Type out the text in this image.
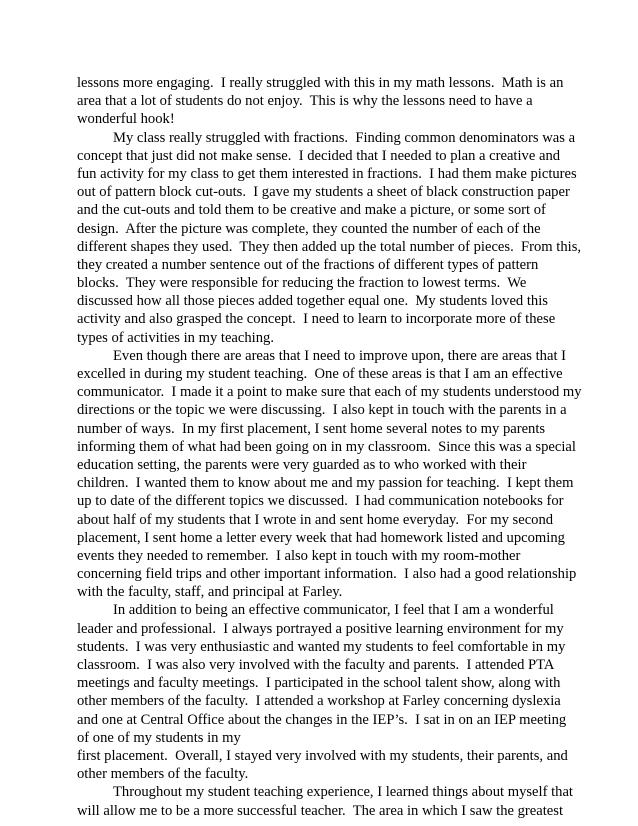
lessons more engaging.  I really struggled with this in my math lessons.  Math is an
area that a lot of students do not enjoy.  This is why the lessons need to have a
wonderful hook!
My class really struggled with fractions.  Finding common denominators was a
concept that just did not make sense.  I decided that I needed to plan a creative and
fun activity for my class to get them interested in fractions.  I had them make pictures
out of pattern block cut-outs.  I gave my students a sheet of black construction paper
and the cut-outs and told them to be creative and make a picture, or some sort of
design.  After the picture was complete, they counted the number of each of the
different shapes they used.  They then added up the total number of pieces.  From this,
they created a number sentence out of the fractions of different types of pattern
blocks.  They were responsible for reducing the fraction to lowest terms.  We
discussed how all those pieces added together equal one.  My students loved this
activity and also grasped the concept.  I need to learn to incorporate more of these
types of activities in my teaching.
Even though there are areas that I need to improve upon, there are areas that I
excelled in during my student teaching.  One of these areas is that I am an effective
communicator.  I made it a point to make sure that each of my students understood my
directions or the topic we were discussing.  I also kept in touch with the parents in a
number of ways.  In my first placement, I sent home several notes to my parents
informing them of what had been going on in my classroom.  Since this was a special
education setting, the parents were very guarded as to who worked with their
children.  I wanted them to know about me and my passion for teaching.  I kept them
up to date of the different topics we discussed.  I had communication notebooks for
about half of my students that I wrote in and sent home everyday.  For my second
placement, I sent home a letter every week that had homework listed and upcoming
events they needed to remember.  I also kept in touch with my room-mother
concerning field trips and other important information.  I also had a good relationship
with the faculty, staff, and principal at Farley.
In addition to being an effective communicator, I feel that I am a wonderful
leader and professional.  I always portrayed a positive learning environment for my
students.  I was very enthusiastic and wanted my students to feel comfortable in my
classroom.  I was also very involved with the faculty and parents.  I attended PTA
meetings and faculty meetings.  I participated in the school talent show, along with
other members of the faculty.  I attended a workshop at Farley concerning dyslexia
and one at Central Office about the changes in the IEP’s.  I sat in on an IEP meeting
of one of my students in my
first placement.  Overall, I stayed very involved with my students, their parents, and
other members of the faculty.
Throughout my student teaching experience, I learned things about myself that
will allow me to be a more successful teacher.  The area in which I saw the greatest
